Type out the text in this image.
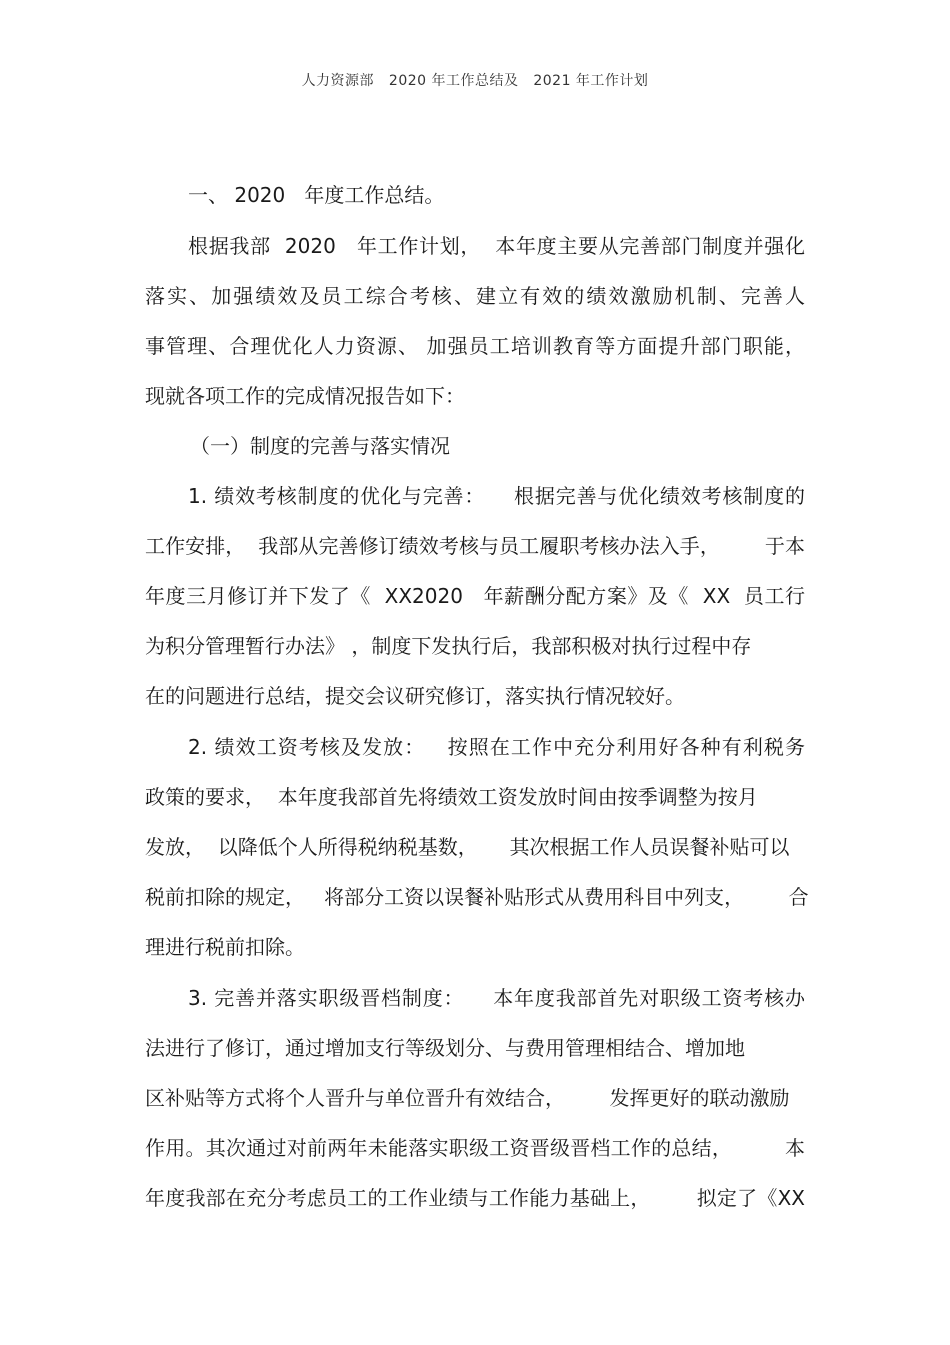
人力资源部   2020 年工作总结及   2021 年工作计划
一、 2020   年度工作总结。
根据我部  2020   年工作计划，  本年度主要从完善部门制度并强化
落实、加强绩效及员工综合考核、建立有效的绩效激励机制、完善人
事管理、合理优化人力资源、 加强员工培训教育等方面提升部门职能，
现就各项工作的完成情况报告如下：
（一）制度的完善与落实情况
1. 绩效考核制度的优化与完善：    根据完善与优化绩效考核制度的
工作安排，  我部从完善修订绩效考核与员工履职考核办法入手，       于本
年度三月修订并下发了《  XX2020   年薪酬分配方案》及《  XX  员工行
为积分管理暂行办法》 ，制度下发执行后，我部积极对执行过程中存
在的问题进行总结，提交会议研究修订，落实执行情况较好。
2. 绩效工资考核及发放：   按照在工作中充分利用好各种有利税务
政策的要求，  本年度我部首先将绩效工资发放时间由按季调整为按月
发放，  以降低个人所得税纳税基数，     其次根据工作人员误餐补贴可以
税前扣除的规定，   将部分工资以误餐补贴形式从费用科目中列支，       合
理进行税前扣除。
3. 完善并落实职级晋档制度：    本年度我部首先对职级工资考核办
法进行了修订，通过增加支行等级划分、与费用管理相结合、增加地
区补贴等方式将个人晋升与单位晋升有效结合，       发挥更好的联动激励
作用。其次通过对前两年未能落实职级工资晋级晋档工作的总结，        本
年度我部在充分考虑员工的工作业绩与工作能力基础上，       拟定了《XX
